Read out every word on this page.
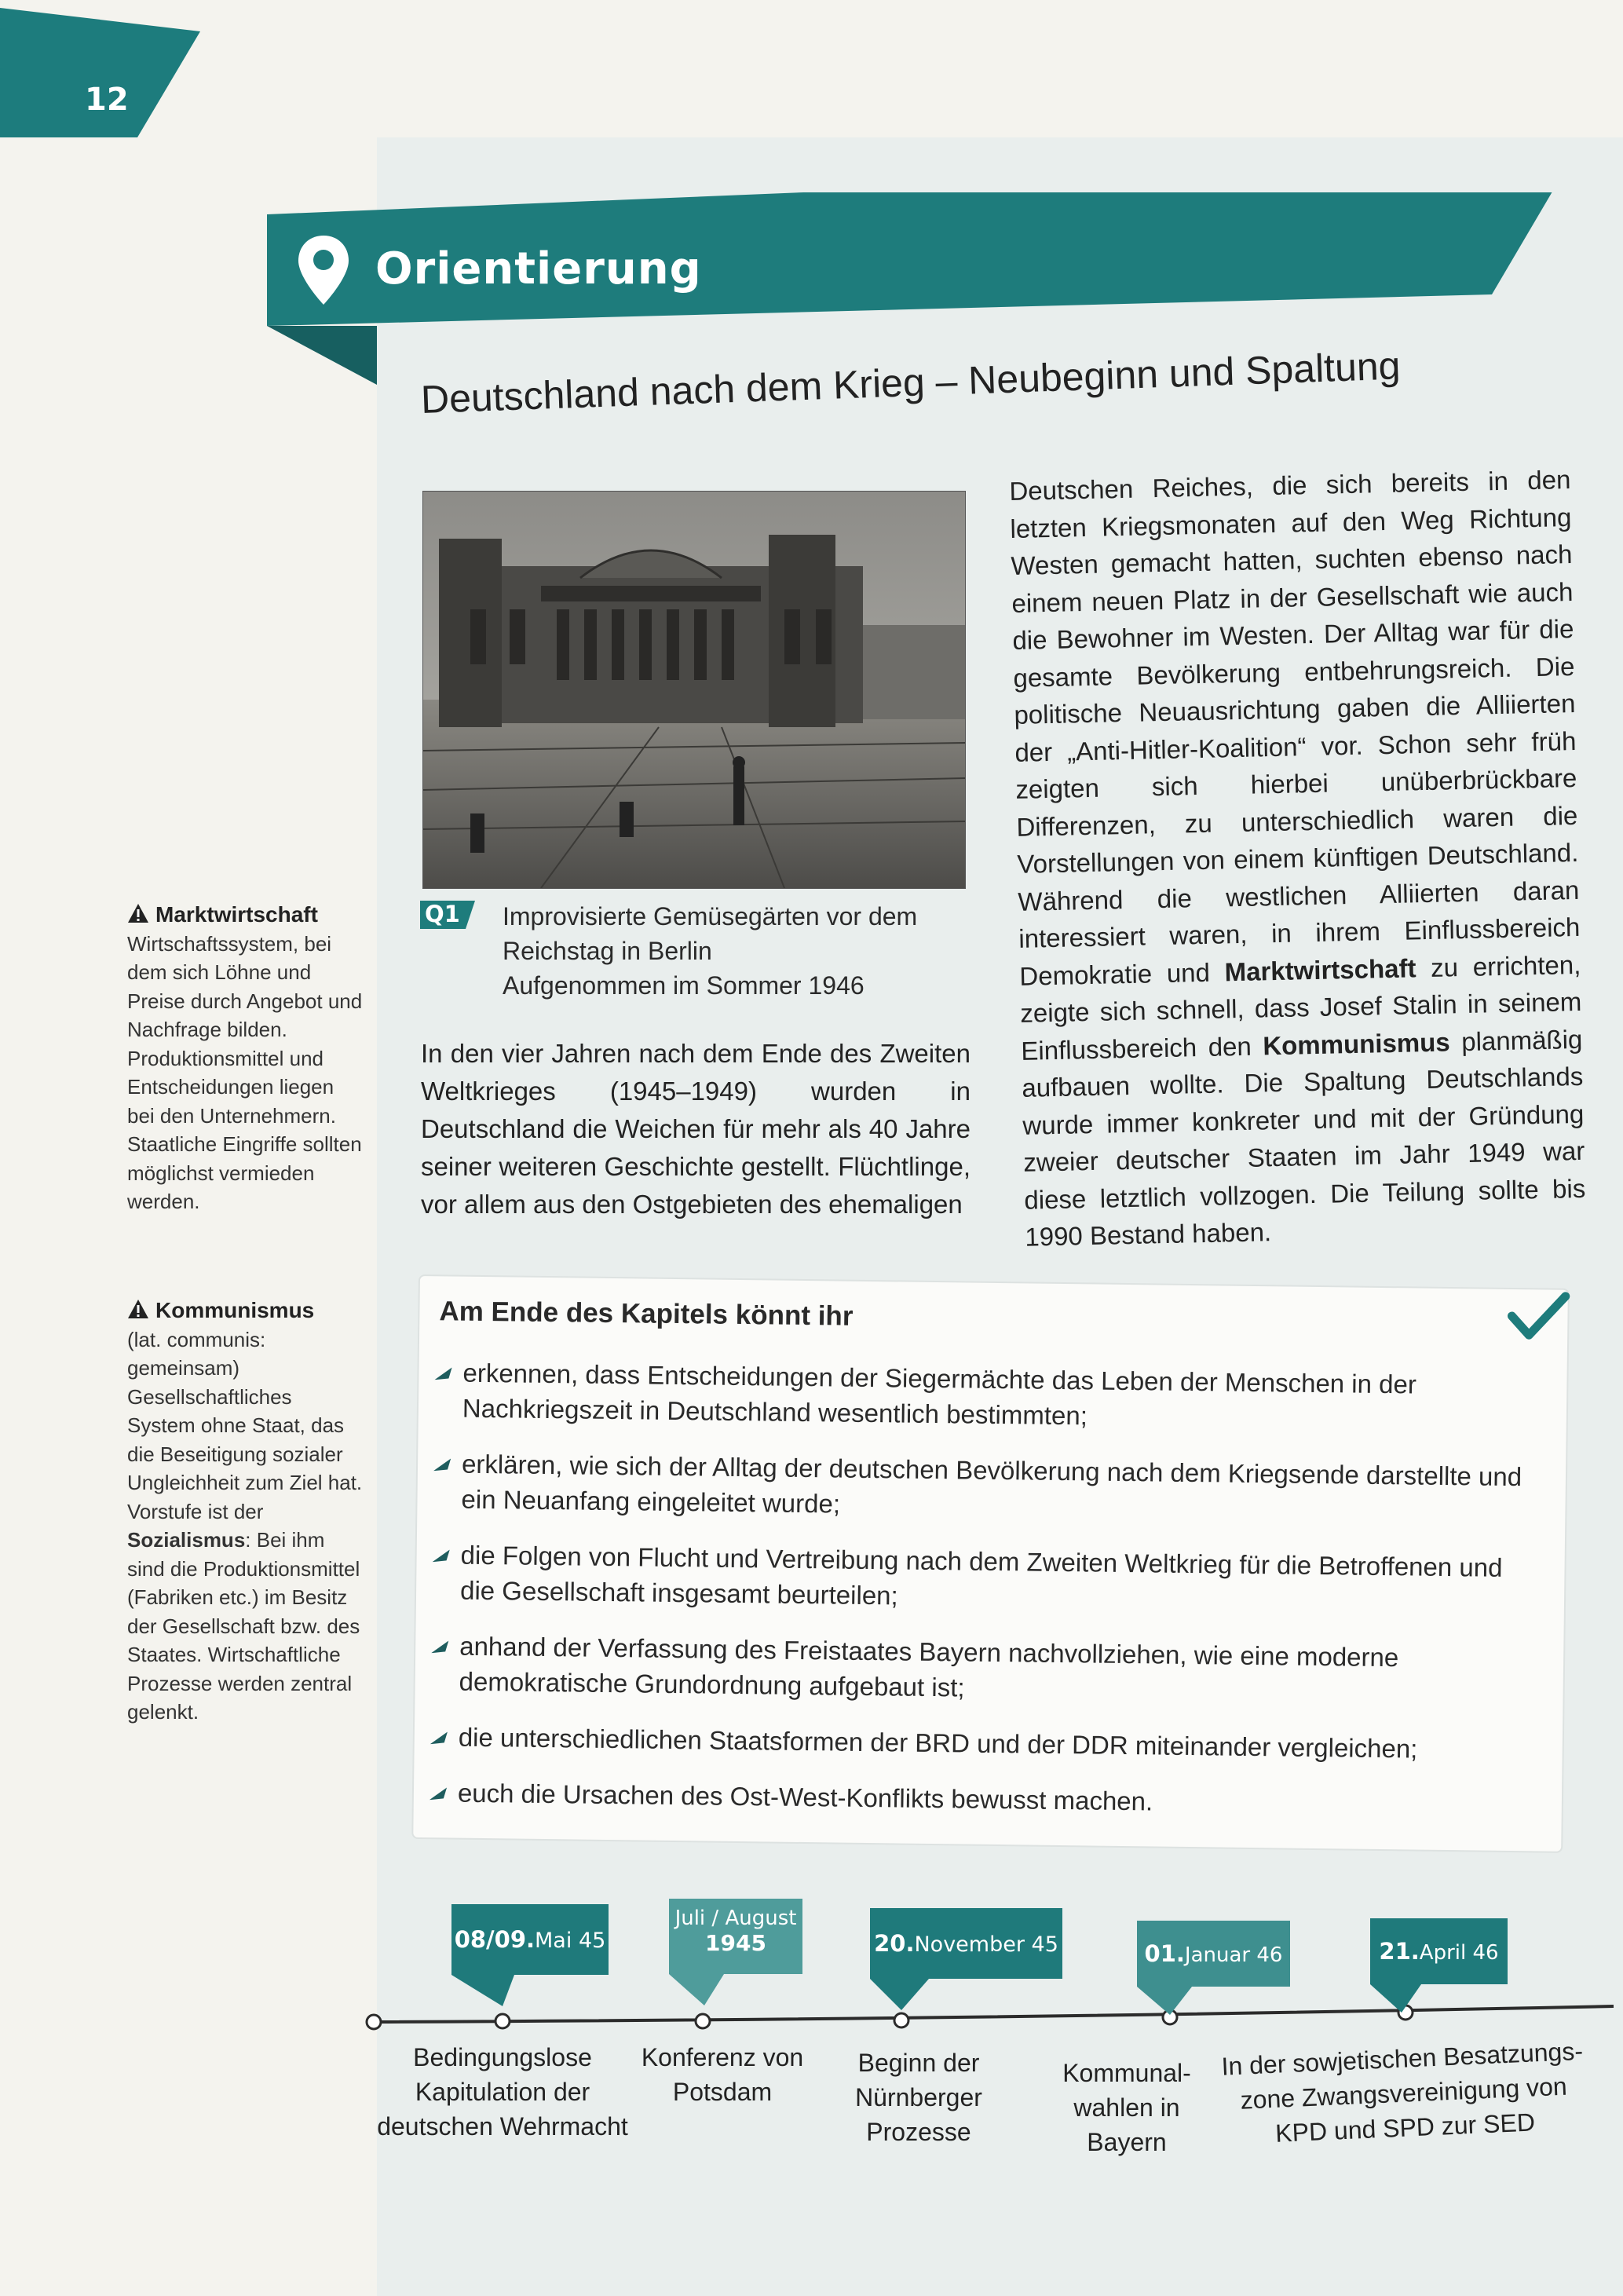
12
Orientierung
Deutschland nach dem Krieg – Neubeginn und Spaltung
Q1 Improvisierte Gemüsegärten vor dem Reichstag in Berlin
Aufgenommen im Sommer 1946
In den vier Jahren nach dem Ende des Zweiten Weltkrieges (1945–1949) wurden in Deutschland die Weichen für mehr als 40 Jahre seiner weiteren Geschichte gestellt. Flüchtlinge, vor allem aus den Ostgebieten des ehemaligen
Deutschen Reiches, die sich bereits in den letzten Kriegsmonaten auf den Weg Richtung Westen gemacht hatten, suchten ebenso nach einem neuen Platz in der Gesellschaft wie auch die Bewohner im Westen. Der Alltag war für die gesamte Bevölkerung entbehrungsreich. Die politische Neuausrichtung gaben die Alliierten der „Anti-Hitler-Koalition“ vor. Schon sehr früh zeigten sich hierbei unüberbrückbare Differenzen, zu unterschiedlich waren die Vorstellungen von einem künftigen Deutschland. Während die westlichen Alliierten daran interessiert waren, in ihrem Einflussbereich Demokratie und Marktwirtschaft zu errichten, zeigte sich schnell, dass Josef Stalin in seinem Einflussbereich den Kommunismus planmäßig aufbauen wollte. Die Spaltung Deutschlands wurde immer konkreter und mit der Gründung zweier deutscher Staaten im Jahr 1949 war diese letztlich vollzogen. Die Teilung sollte bis 1990 Bestand haben.
Marktwirtschaft
Wirtschaftssystem, bei dem sich Löhne und Preise durch Angebot und Nachfrage bilden. Produktionsmittel und Entscheidungen liegen bei den Unternehmern. Staatliche Eingriffe sollten möglichst vermieden werden.
Kommunismus
(lat. communis: gemeinsam) Gesellschaftliches System ohne Staat, das die Beseitigung sozialer Ungleichheit zum Ziel hat. Vorstufe ist der Sozialismus: Bei ihm sind die Produktionsmittel (Fabriken etc.) im Besitz der Gesellschaft bzw. des Staates. Wirtschaftliche Prozesse werden zentral gelenkt.
Am Ende des Kapitels könnt ihr
erkennen, dass Entscheidungen der Siegermächte das Leben der Menschen in der Nachkriegszeit in Deutschland wesentlich bestimmten;
erklären, wie sich der Alltag der deutschen Bevölkerung nach dem Kriegsende darstellte und ein Neuanfang eingeleitet wurde;
die Folgen von Flucht und Vertreibung nach dem Zweiten Weltkrieg für die Betroffenen und die Gesellschaft insgesamt beurteilen;
anhand der Verfassung des Freistaates Bayern nachvollziehen, wie eine moderne demokratische Grundordnung aufgebaut ist;
die unterschiedlichen Staatsformen der BRD und der DDR miteinander vergleichen;
euch die Ursachen des Ost-West-Konflikts bewusst machen.
08/09.Mai 45
Bedingungslose
Kapitulation der
deutschen Wehrmacht
Juli / August
1945
Konferenz von
Potsdam
20.November 45
Beginn der
Nürnberger
Prozesse
01.Januar 46
Kommunal-
wahlen in
Bayern
21.April 46
In der sowjetischen Besatzungs-
zone Zwangsvereinigung von
KPD und SPD zur SED
